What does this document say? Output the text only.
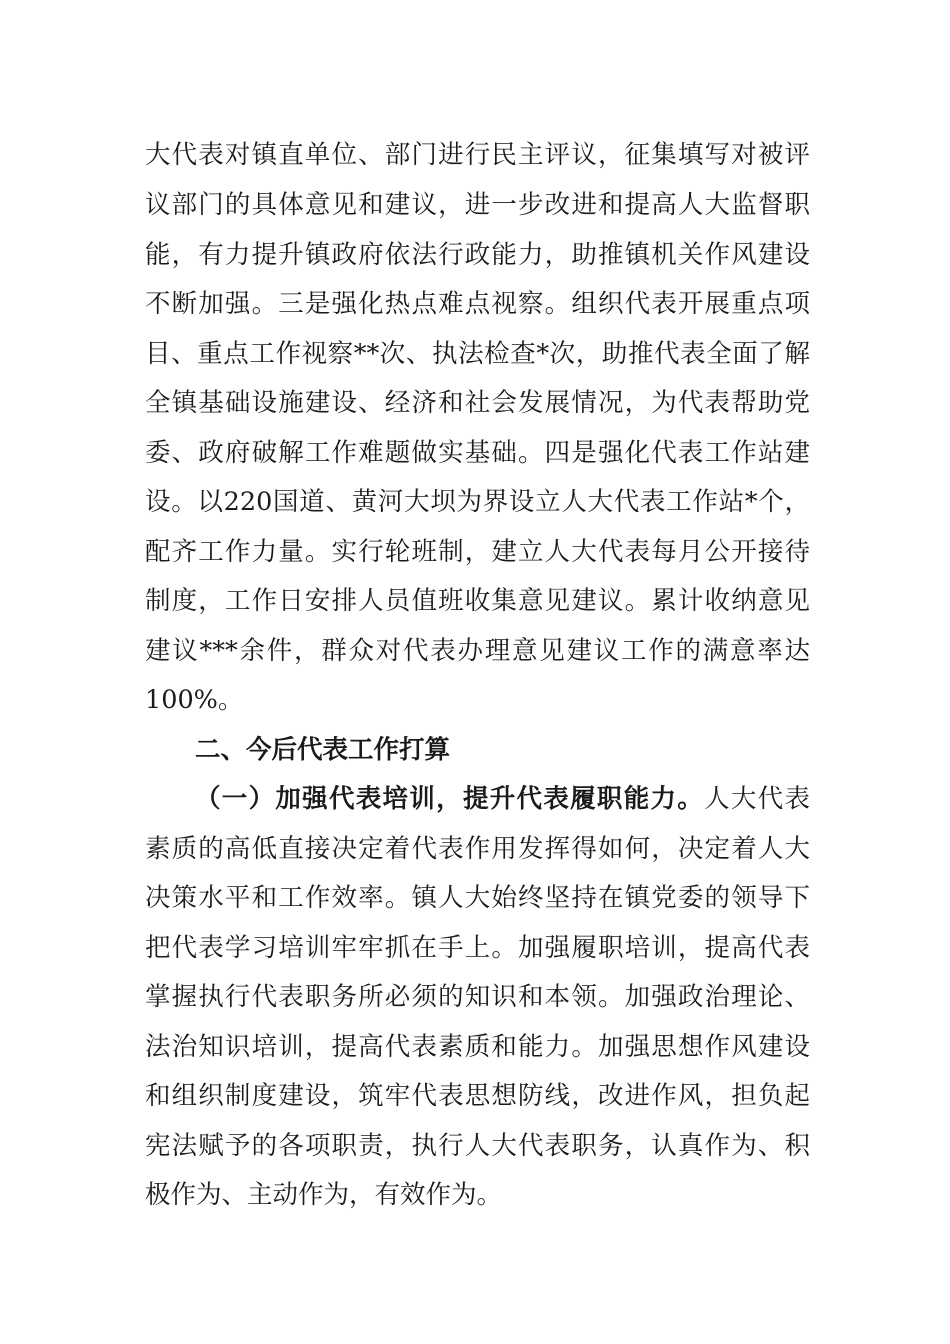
大代表对镇直单位、部门进行民主评议，征集填写对被评
议部门的具体意见和建议，进一步改进和提高人大监督职
能，有力提升镇政府依法行政能力，助推镇机关作风建设
不断加强。三是强化热点难点视察。组织代表开展重点项
目、重点工作视察**次、执法检查*次，助推代表全面了解
全镇基础设施建设、经济和社会发展情况，为代表帮助党
委、政府破解工作难题做实基础。四是强化代表工作站建
设。以220国道、黄河大坝为界设立人大代表工作站*个，
配齐工作力量。实行轮班制，建立人大代表每月公开接待
制度，工作日安排人员值班收集意见建议。累计收纳意见
建议***余件，群众对代表办理意见建议工作的满意率达
100%。
二、今后代表工作打算
（一）加强代表培训，提升代表履职能力。人大代表
素质的高低直接决定着代表作用发挥得如何，决定着人大
决策水平和工作效率。镇人大始终坚持在镇党委的领导下
把代表学习培训牢牢抓在手上。加强履职培训，提高代表
掌握执行代表职务所必须的知识和本领。加强政治理论、
法治知识培训，提高代表素质和能力。加强思想作风建设
和组织制度建设，筑牢代表思想防线，改进作风，担负起
宪法赋予的各项职责，执行人大代表职务，认真作为、积
极作为、主动作为，有效作为。
